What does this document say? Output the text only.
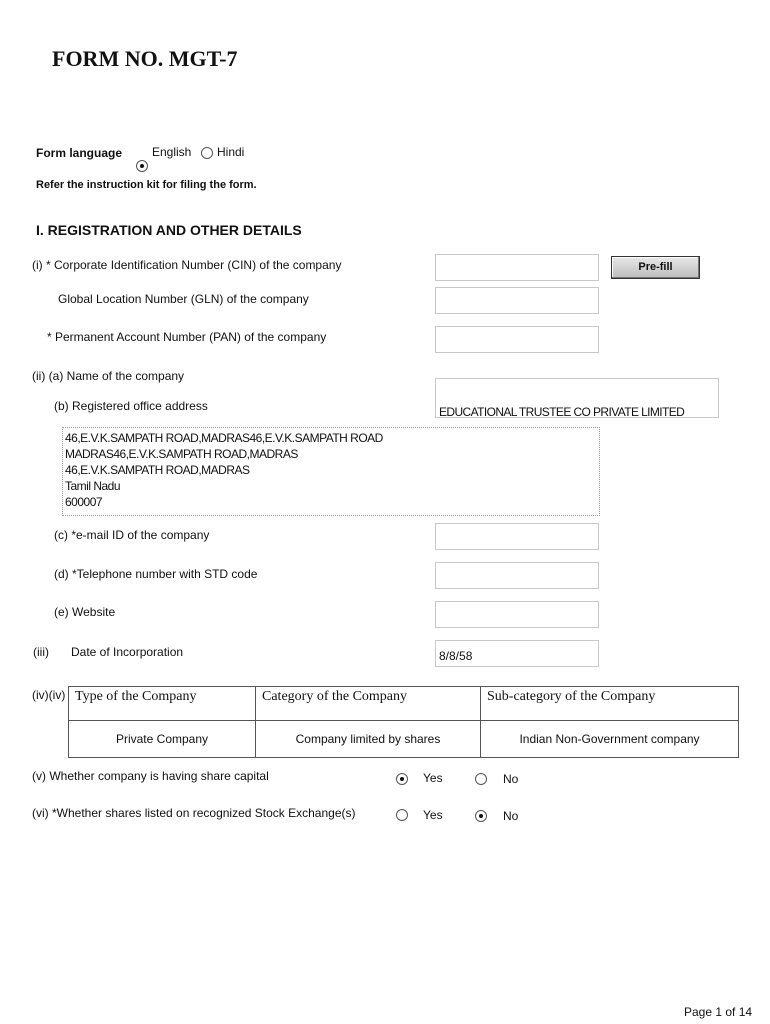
FORM NO. MGT-7
Form language English Hindi
Refer the instruction kit for filing the form.
I. REGISTRATION AND OTHER DETAILS
(i) * Corporate Identification Number (CIN) of the company	Pre-fill
Global Location Number (GLN) of the company
* Permanent Account Number (PAN) of the company
(ii) (a) Name of the company
EDUCATIONAL TRUSTEE CO PRIVATE LIMITED
(b) Registered office address
46,E.V.K.SAMPATH ROAD,MADRAS46,E.V.K.SAMPATH ROAD
MADRAS46,E.V.K.SAMPATH ROAD,MADRAS
46,E.V.K.SAMPATH ROAD,MADRAS
Tamil Nadu
600007
(c) *e-mail ID of the company
(d) *Telephone number with STD code
(e) Website
(iii) Date of Incorporation	8/8/58
(iv)(iv) Type of the Company	Category of the Company	Sub-category of the Company
Private Company	Company limited by shares	Indian Non-Government company
(v) Whether company is having share capital	Yes	No
(vi) *Whether shares listed on recognized Stock Exchange(s)	Yes	No
Page 1 of 14
